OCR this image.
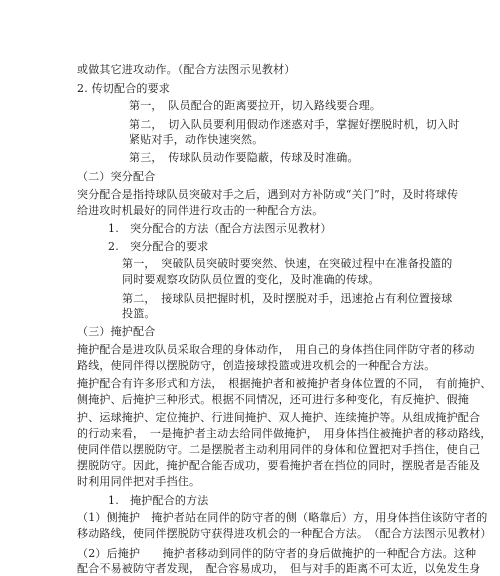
或做其它进攻动作。（配合方法图示见教材）
2. 传切配合的要求
第一，　队员配合的距离要拉开，切入路线要合理。
第二，　切入队员要利用假动作迷惑对手，掌握好摆脱时机，切入时
紧贴对手，动作快速突然。
第三，　传球队员动作要隐蔽，传球及时准确。
（二）突分配合
突分配合是指持球队员突破对手之后，遇到对方补防或“关门”时，及时将球传
给进攻时机最好的同伴进行攻击的一种配合方法。
1.　突分配合的方法（配合方法图示见教材）
2.　突分配合的要求
第一，　突破队员突破时要突然、快速，在突破过程中在准备投篮的
同时要观察攻防队员位置的变化，及时准确的传球。
第二，　接球队员把握时机，及时摆脱对手，迅速抢占有利位置接球
投篮。
（三）掩护配合
掩护配合是进攻队员采取合理的身体动作，　用自己的身体挡住同伴防守者的移动
路线，使同伴得以摆脱防守，创造接球投篮或进攻机会的一种配合方法。
掩护配合有许多形式和方法，　根据掩护者和被掩护者身体位置的不同，　有前掩护、
侧掩护、后掩护三种形式。根据不同情况，还可进行多种变化，有反掩护、假掩
护、运球掩护、定位掩护、行进间掩护、双人掩护、连续掩护等。从组成掩护配合
的行动来看，　一是掩护者主动去给同伴做掩护，　用身体挡住被掩护者的移动路线，
使同伴借以摆脱防守。二是摆脱者主动利用同伴的身体和位置把对手挡住，使自己
摆脱防守。因此，掩护配合能否成功，要看掩护者在挡位的同时，摆脱者是否能及
时利用同伴把对手挡住。
1.　掩护配合的方法
（1）侧掩护　掩护者站在同伴的防守者的侧（略靠后）方，用身体挡住该防守者的
移动路线，使同伴摆脱防守获得进攻机会的一种配合方法。　（配合方法图示见教材）
（2）后掩护　　掩护者移动到同伴的防守者的身后做掩护的一种配合方法。这种
配合不易被防守者发现，　配合容易成功，　但与对手的距离不可太近，以免发生身
